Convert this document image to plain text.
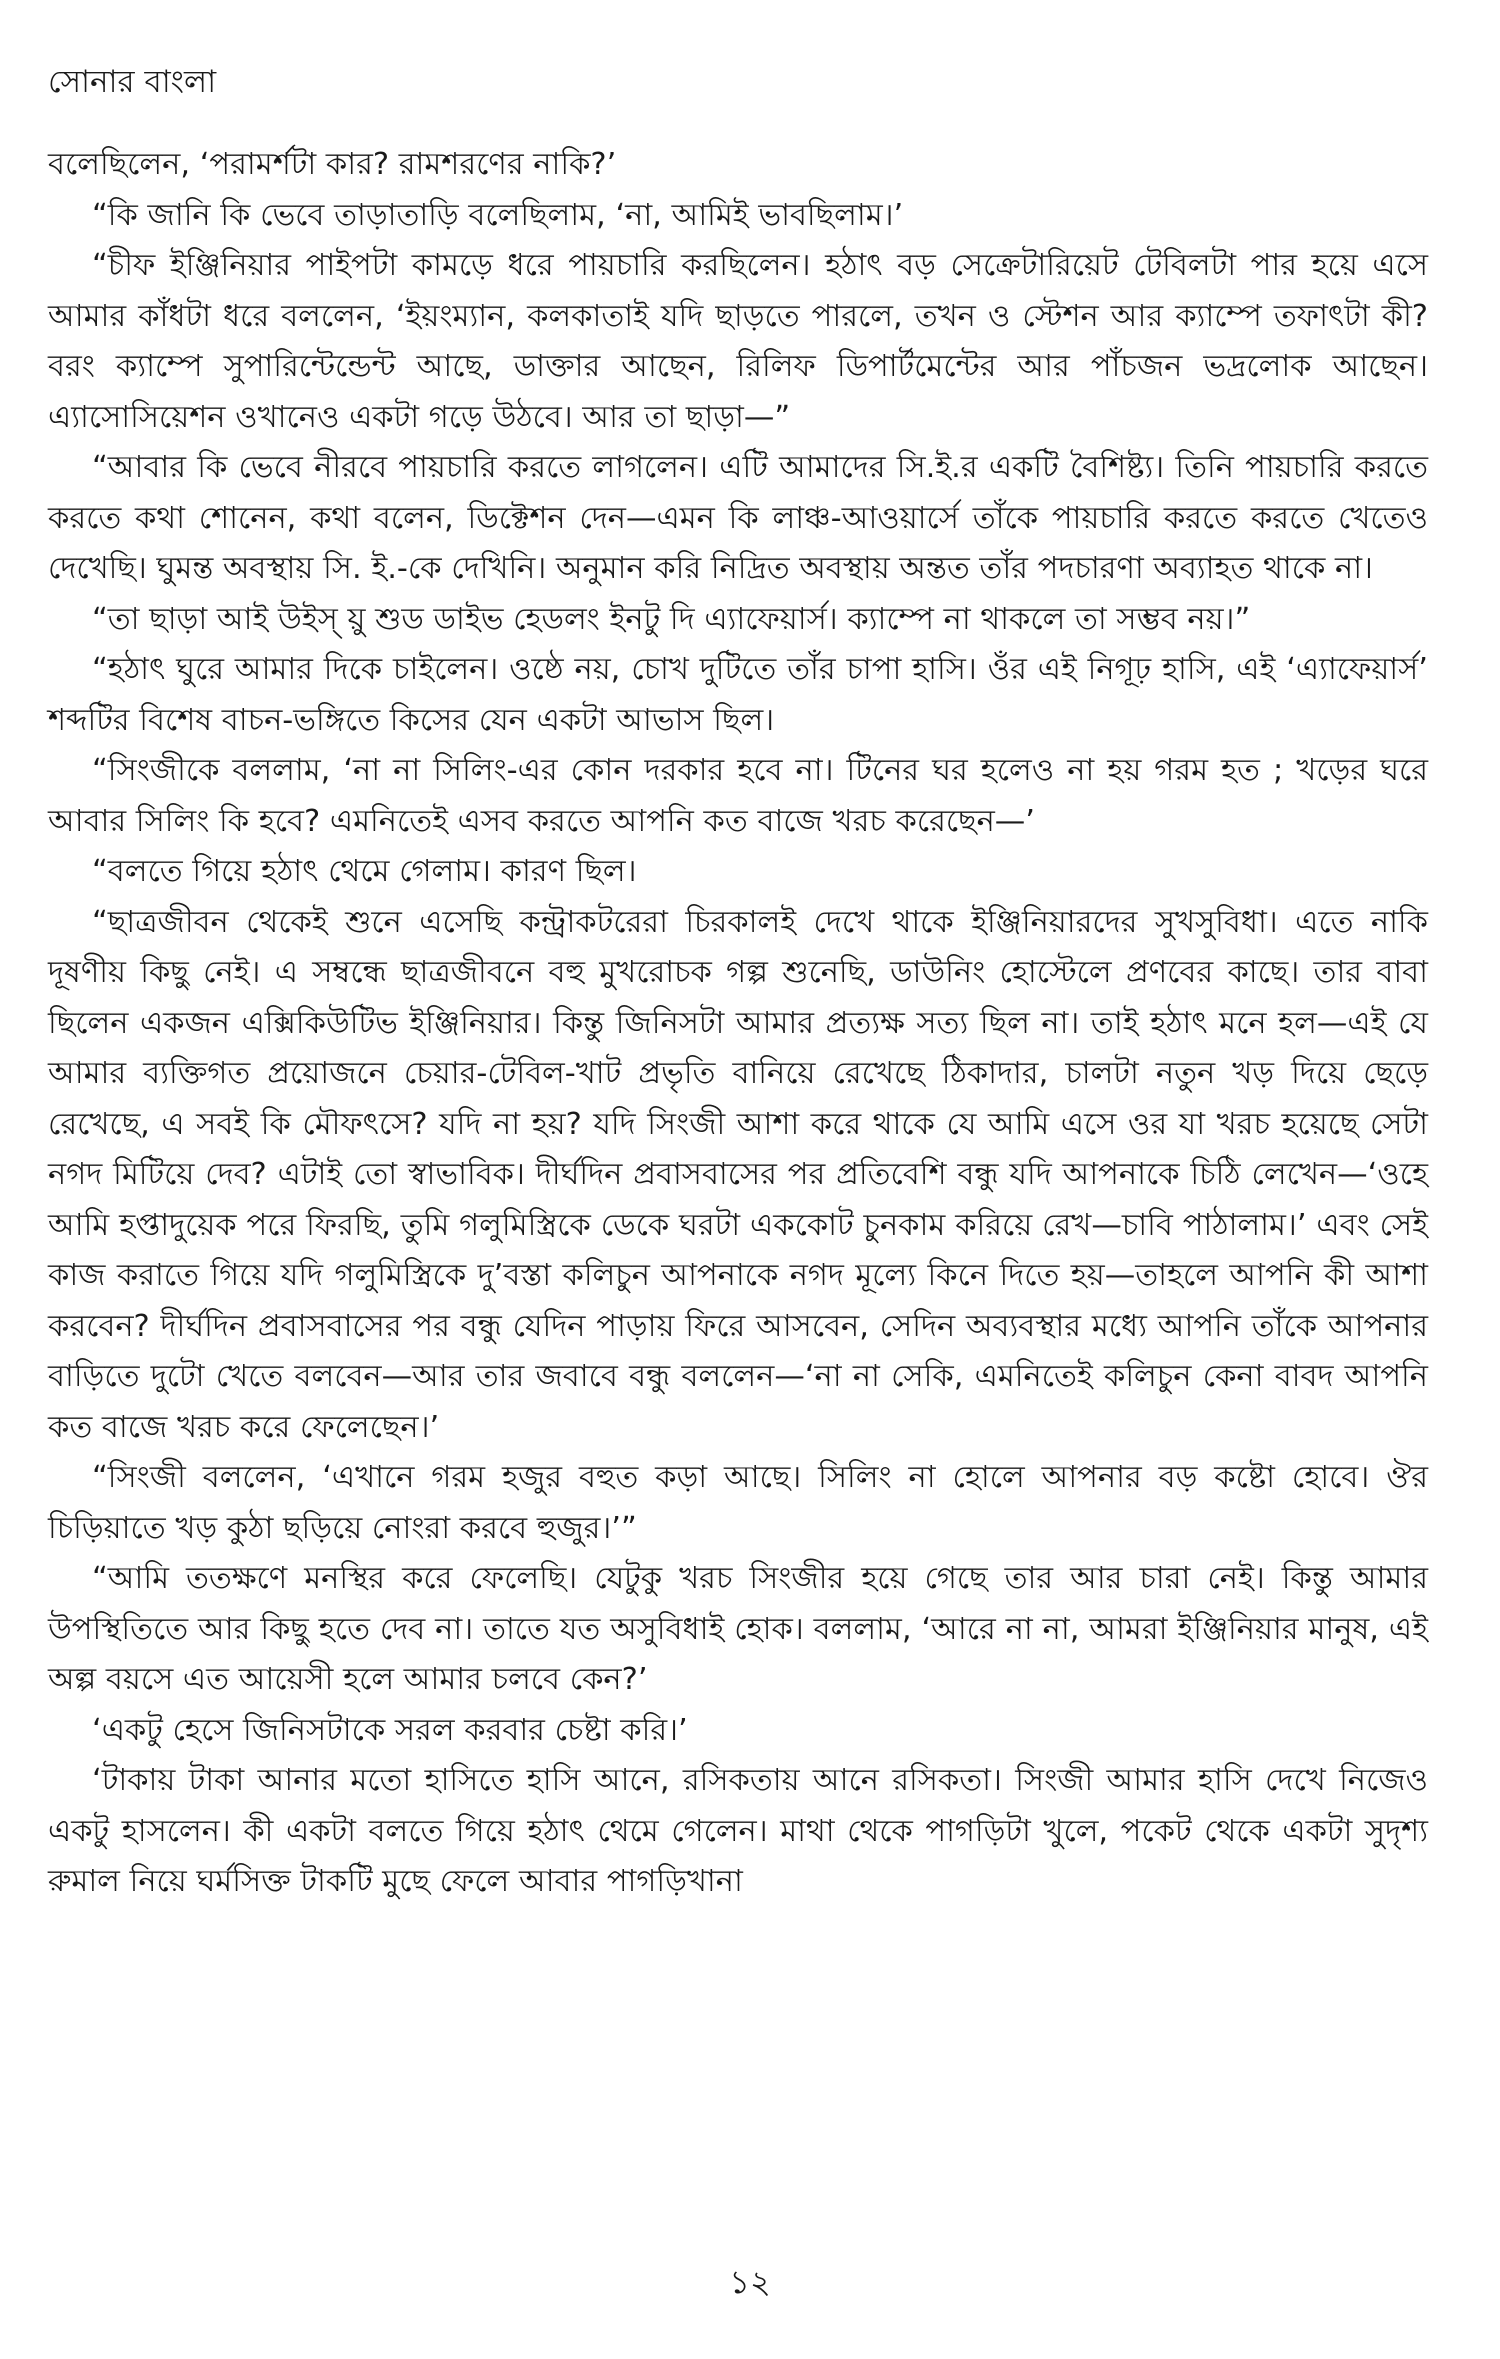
সোনার বাংলা

বলেছিলেন, ‘পরামর্শটা কার? রামশরণের নাকি?’

“কি জানি কি ভেবে তাড়াতাড়ি বলেছিলাম, ‘না, আমিই ভাবছিলাম।’

“চীফ ইঞ্জিনিয়ার পাইপটা কামড়ে ধরে পায়চারি করছিলেন। হঠাৎ বড় সেক্রেটারিয়েট টেবিলটা পার হয়ে এসে আমার কাঁধটা ধরে বললেন, ‘ইয়ংম্যান, কলকাতাই যদি ছাড়তে পারলে, তখন ও স্টেশন আর ক্যাম্পে তফাৎটা কী? বরং ক্যাম্পে সুপারিন্টেন্ডেন্ট আছে, ডাক্তার আছেন, রিলিফ ডিপার্টমেন্টের আর পাঁচজন ভদ্রলোক আছেন। এ্যাসোসিয়েশন ওখানেও একটা গড়ে উঠবে। আর তা ছাড়া—”

“আবার কি ভেবে নীরবে পায়চারি করতে লাগলেন। এটি আমাদের সি.ই.র একটি বৈশিষ্ট্য। তিনি পায়চারি করতে করতে কথা শোনেন, কথা বলেন, ডিক্টেশন দেন—এমন কি লাঞ্চ-আওয়ার্সে তাঁকে পায়চারি করতে করতে খেতেও দেখেছি। ঘুমন্ত অবস্থায় সি. ই.-কে দেখিনি। অনুমান করি নিদ্রিত অবস্থায় অন্তত তাঁর পদচারণা অব্যাহত থাকে না।

“তা ছাড়া আই উইস্ য়ু শুড ডাইভ হেডলং ইনটু দি এ্যাফেয়ার্স। ক্যাম্পে না থাকলে তা সম্ভব নয়।”

“হঠাৎ ঘুরে আমার দিকে চাইলেন। ওষ্ঠে নয়, চোখ দুটিতে তাঁর চাপা হাসি। ওঁর এই নিগূঢ় হাসি, এই ‘এ্যাফেয়ার্স’ শব্দটির বিশেষ বাচন-ভঙ্গিতে কিসের যেন একটা আভাস ছিল।

“সিংজীকে বললাম, ‘না না সিলিং-এর কোন দরকার হবে না। টিনের ঘর হলেও না হয় গরম হত ; খড়ের ঘরে আবার সিলিং কি হবে? এমনিতেই এসব করতে আপনি কত বাজে খরচ করেছেন—’

“বলতে গিয়ে হঠাৎ থেমে গেলাম। কারণ ছিল।

“ছাত্রজীবন থেকেই শুনে এসেছি কন্ট্রাকটরেরা চিরকালই দেখে থাকে ইঞ্জিনিয়ারদের সুখসুবিধা। এতে নাকি দূষণীয় কিছু নেই। এ সম্বন্ধে ছাত্রজীবনে বহু মুখরোচক গল্প শুনেছি, ডাউনিং হোস্টেলে প্রণবের কাছে। তার বাবা ছিলেন একজন এক্সিকিউটিভ ইঞ্জিনিয়ার। কিন্তু জিনিসটা আমার প্রত্যক্ষ সত্য ছিল না। তাই হঠাৎ মনে হল—এই যে আমার ব্যক্তিগত প্রয়োজনে চেয়ার-টেবিল-খাট প্রভৃতি বানিয়ে রেখেছে ঠিকাদার, চালটা নতুন খড় দিয়ে ছেড়ে রেখেছে, এ সবই কি মৌফৎসে? যদি না হয়? যদি সিংজী আশা করে থাকে যে আমি এসে ওর যা খরচ হয়েছে সেটা নগদ মিটিয়ে দেব? এটাই তো স্বাভাবিক। দীর্ঘদিন প্রবাসবাসের পর প্রতিবেশি বন্ধু যদি আপনাকে চিঠি লেখেন—‘ওহে আমি হপ্তাদুয়েক পরে ফিরছি, তুমি গলুমিস্ত্রিকে ডেকে ঘরটা এককোট চুনকাম করিয়ে রেখ—চাবি পাঠালাম।’ এবং সেই কাজ করাতে গিয়ে যদি গলুমিস্ত্রিকে দু’বস্তা কলিচুন আপনাকে নগদ মূল্যে কিনে দিতে হয়—তাহলে আপনি কী আশা করবেন? দীর্ঘদিন প্রবাসবাসের পর বন্ধু যেদিন পাড়ায় ফিরে আসবেন, সেদিন অব্যবস্থার মধ্যে আপনি তাঁকে আপনার বাড়িতে দুটো খেতে বলবেন—আর তার জবাবে বন্ধু বললেন—‘না না সেকি, এমনিতেই কলিচুন কেনা বাবদ আপনি কত বাজে খরচ করে ফেলেছেন।’

“সিংজী বললেন, ‘এখানে গরম হজুর বহুত কড়া আছে। সিলিং না হোলে আপনার বড় কষ্টো হোবে। ঔর চিড়িয়াতে খড় কুঠা ছড়িয়ে নোংরা করবে হুজুর।’”

“আমি ততক্ষণে মনস্থির করে ফেলেছি। যেটুকু খরচ সিংজীর হয়ে গেছে তার আর চারা নেই। কিন্তু আমার উপস্থিতিতে আর কিছু হতে দেব না। তাতে যত অসুবিধাই হোক। বললাম, ‘আরে না না, আমরা ইঞ্জিনিয়ার মানুষ, এই অল্প বয়সে এত আয়েসী হলে আমার চলবে কেন?’

‘একটু হেসে জিনিসটাকে সরল করবার চেষ্টা করি।’

‘টাকায় টাকা আনার মতো হাসিতে হাসি আনে, রসিকতায় আনে রসিকতা। সিংজী আমার হাসি দেখে নিজেও একটু হাসলেন। কী একটা বলতে গিয়ে হঠাৎ থেমে গেলেন। মাথা থেকে পাগড়িটা খুলে, পকেট থেকে একটা সুদৃশ্য রুমাল নিয়ে ঘর্মসিক্ত টাকটি মুছে ফেলে আবার পাগড়িখানা

১২
